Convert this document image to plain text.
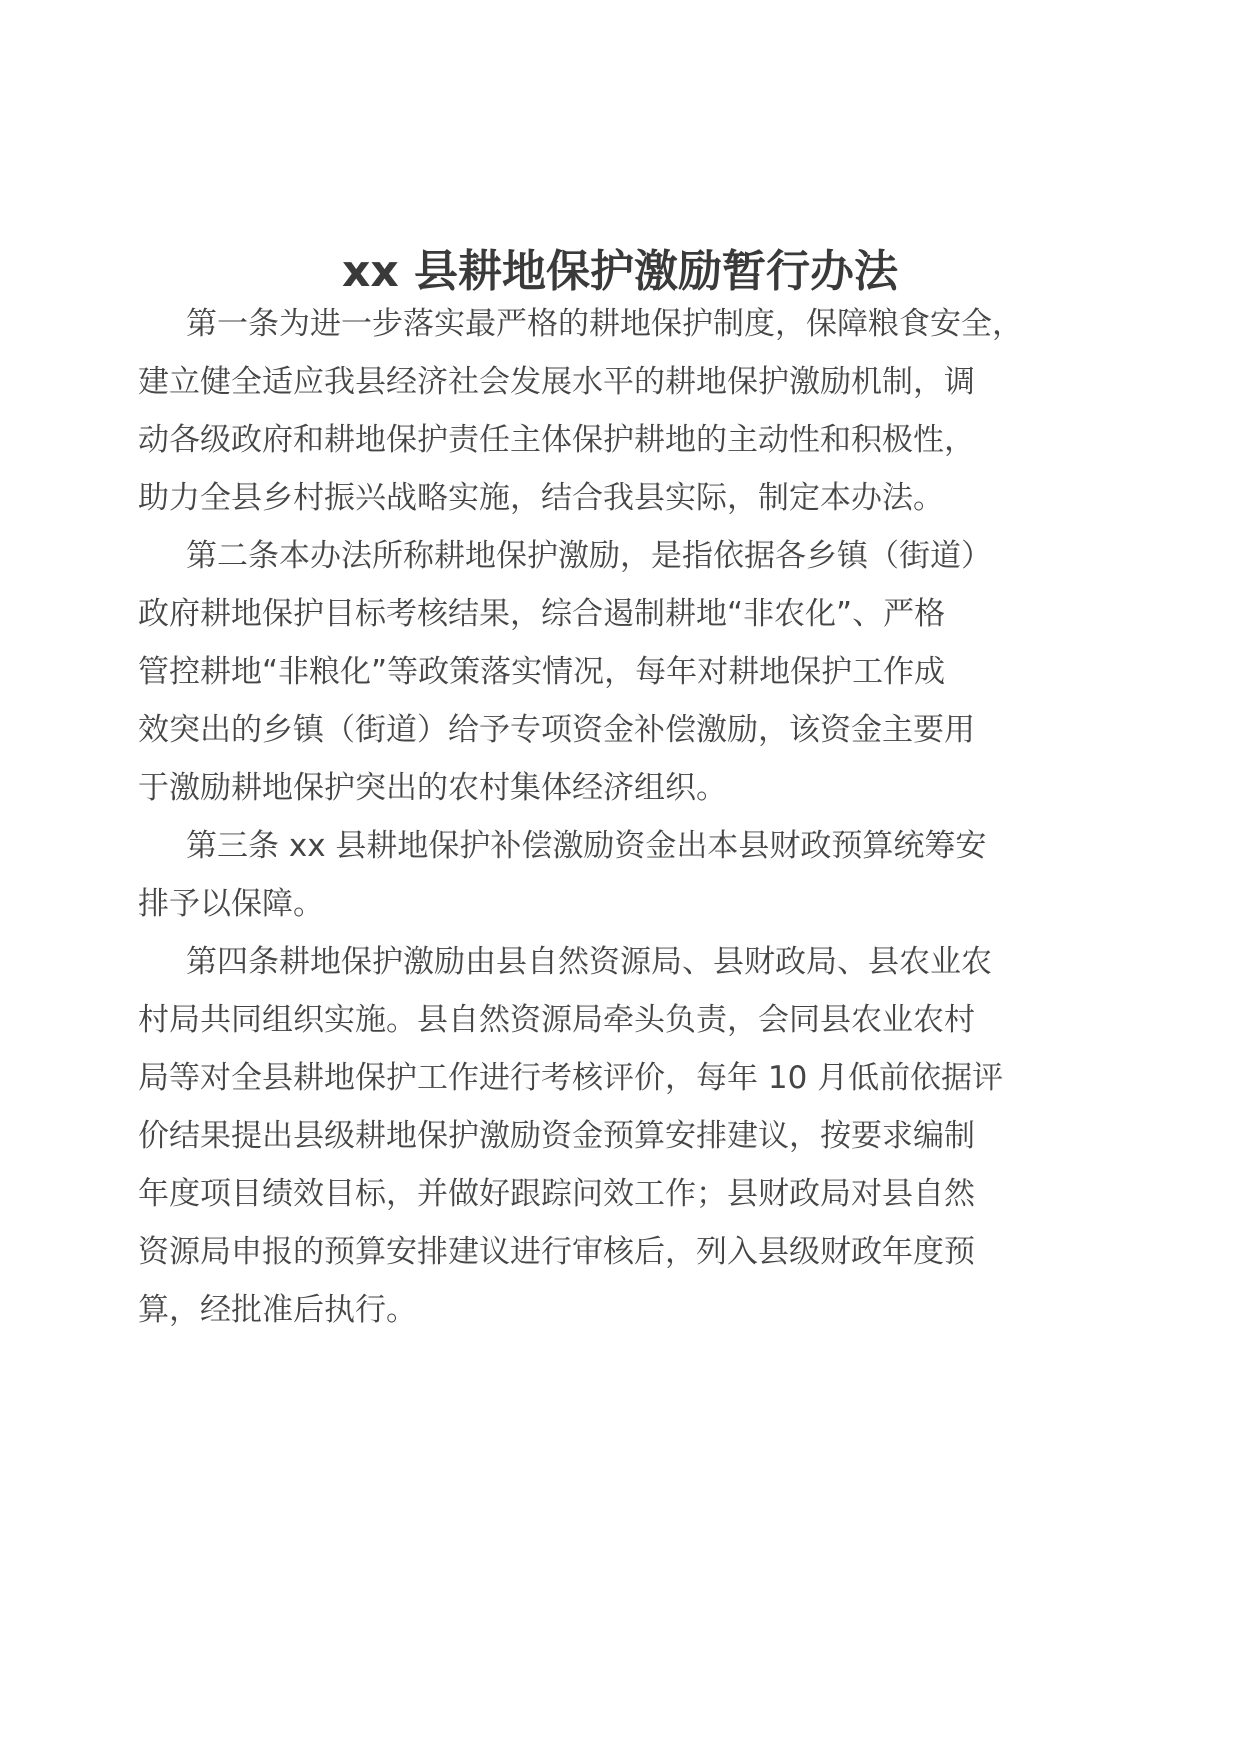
xx 县耕地保护激励暂行办法
第一条为进一步落实最严格的耕地保护制度，保障粮食安全，
建立健全适应我县经济社会发展水平的耕地保护激励机制，调
动各级政府和耕地保护责任主体保护耕地的主动性和积极性，
助力全县乡村振兴战略实施，结合我县实际，制定本办法。
第二条本办法所称耕地保护激励，是指依据各乡镇（街道）
政府耕地保护目标考核结果，综合遏制耕地“非农化”、严格
管控耕地“非粮化”等政策落实情况，每年对耕地保护工作成
效突出的乡镇（街道）给予专项资金补偿激励，该资金主要用
于激励耕地保护突出的农村集体经济组织。
第三条 xx 县耕地保护补偿激励资金出本县财政预算统筹安
排予以保障。
第四条耕地保护激励由县自然资源局、县财政局、县农业农
村局共同组织实施。县自然资源局牵头负责，会同县农业农村
局等对全县耕地保护工作进行考核评价，每年 10 月低前依据评
价结果提出县级耕地保护激励资金预算安排建议，按要求编制
年度项目绩效目标，并做好跟踪问效工作；县财政局对县自然
资源局申报的预算安排建议进行审核后，列入县级财政年度预
算，经批准后执行。
